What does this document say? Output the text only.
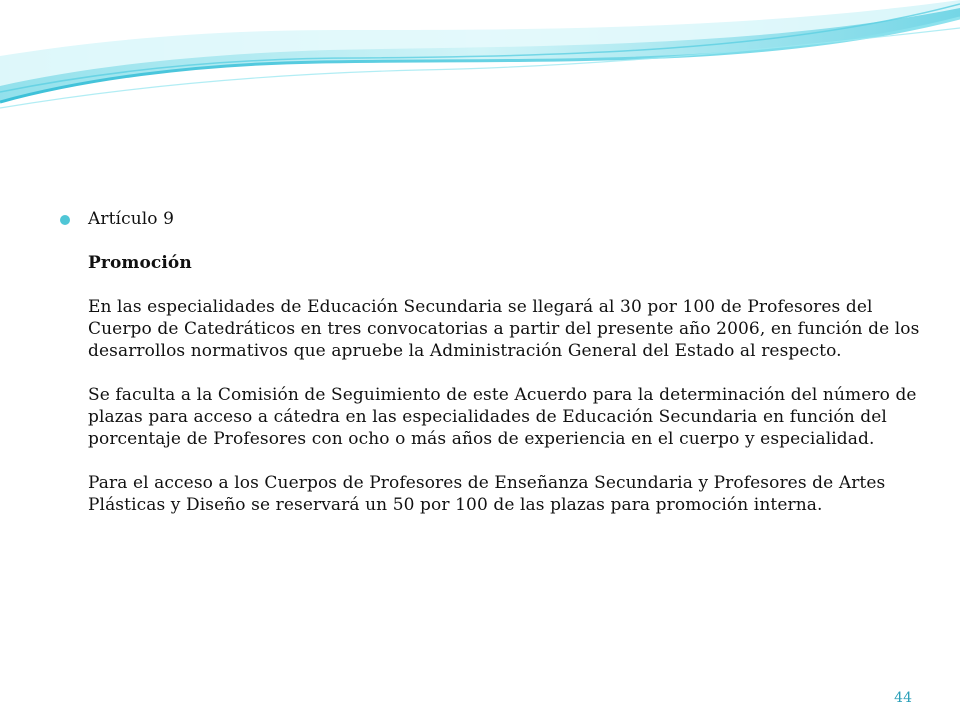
Artículo 9

Promoción

En las especialidades de Educación Secundaria se llegará al 30 por 100 de Profesores del Cuerpo de Catedráticos en tres convocatorias a partir del presente año 2006, en función de los desarrollos normativos que apruebe la Administración General del Estado al respecto.

Se faculta a la Comisión de Seguimiento de este Acuerdo para la determinación del número de plazas para acceso a cátedra en las especialidades de Educación Secundaria en función del porcentaje de Profesores con ocho o más años de experiencia en el cuerpo y especialidad.

Para el acceso a los Cuerpos de Profesores de Enseñanza Secundaria y Profesores de Artes Plásticas y Diseño se reservará un 50 por 100 de las plazas para promoción interna.

44
